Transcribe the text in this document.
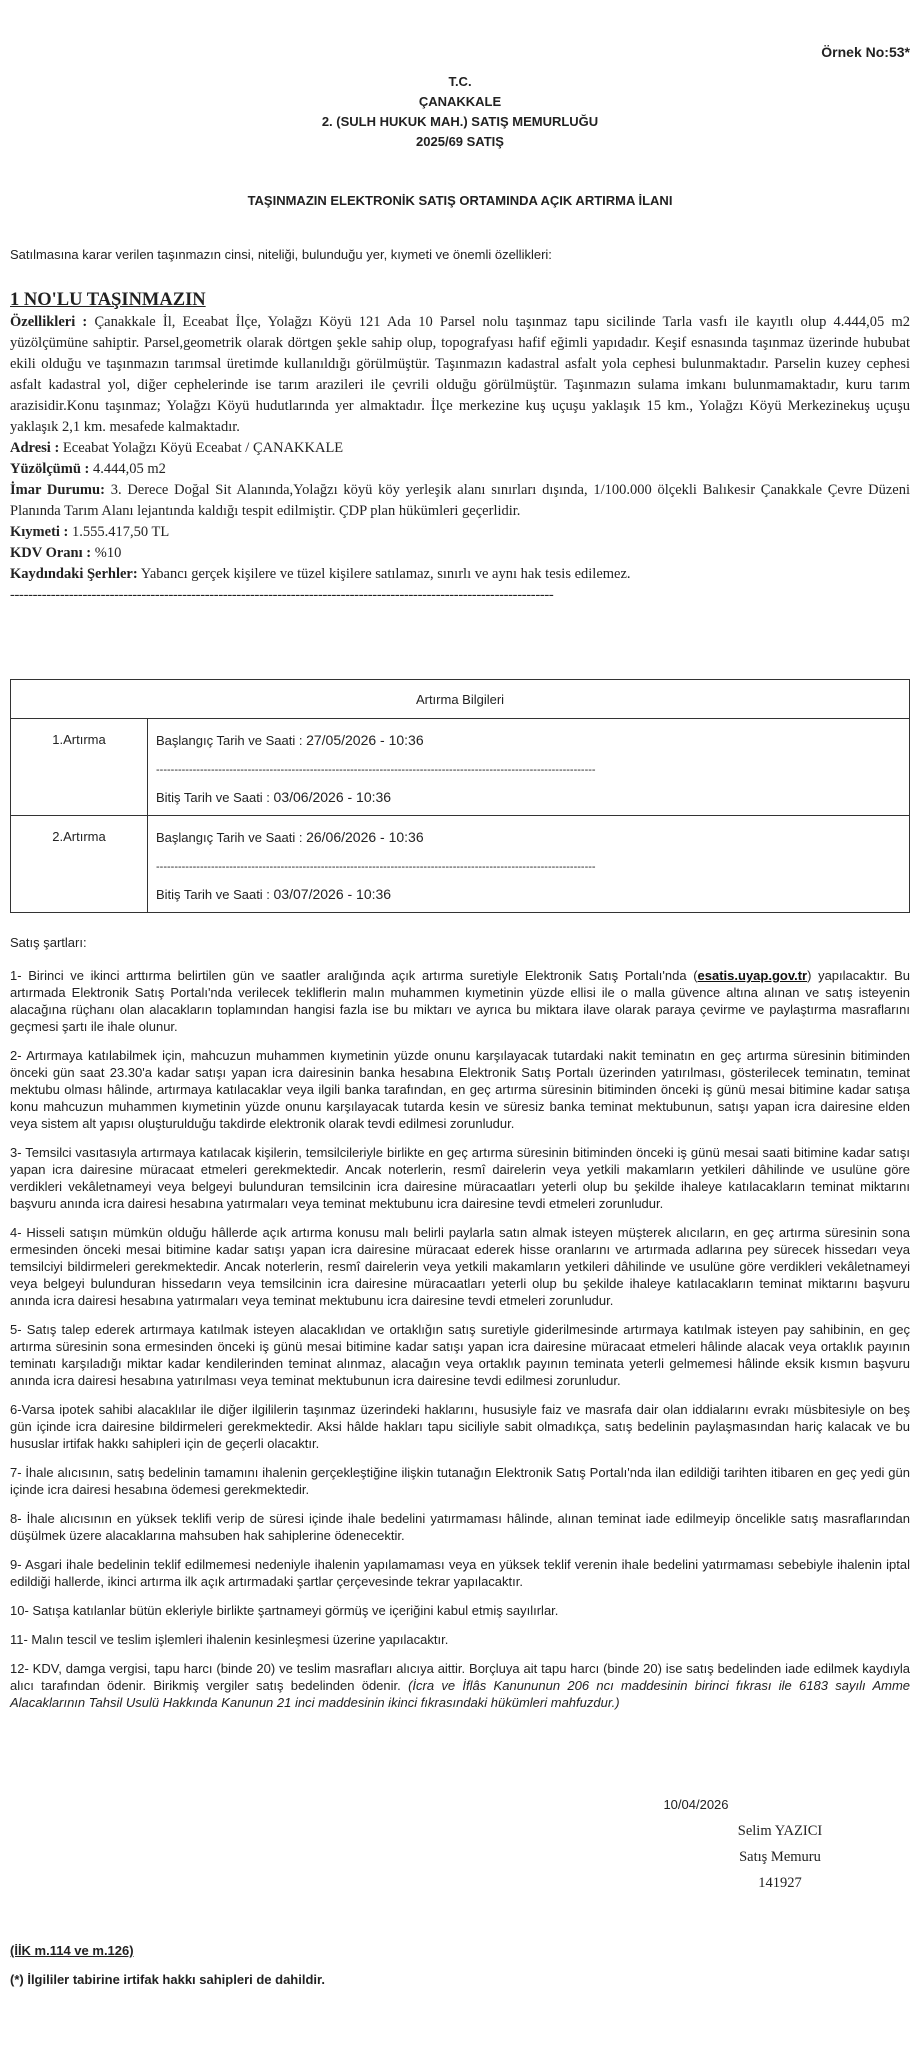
Örnek No:53*
T.C.
ÇANAKKALE
2. (SULH HUKUK MAH.) SATIŞ MEMURLUĞU
2025/69 SATIŞ
TAŞINMAZIN ELEKTRONİK SATIŞ ORTAMINDA AÇIK ARTIRMA İLANI
Satılmasına karar verilen taşınmazın cinsi, niteliği, bulunduğu yer, kıymeti ve önemli özellikleri:
1 NO'LU TAŞINMAZIN
Özellikleri : Çanakkale İl, Eceabat İlçe, Yolağzı Köyü 121 Ada 10 Parsel nolu taşınmaz tapu sicilinde Tarla vasfı ile kayıtlı olup 4.444,05 m2 yüzölçümüne sahiptir. Parsel,geometrik olarak dörtgen şekle sahip olup, topografyası hafif eğimli yapıdadır. Keşif esnasında taşınmaz üzerinde hububat ekili olduğu ve taşınmazın tarımsal üretimde kullanıldığı görülmüştür. Taşınmazın kadastral asfalt yola cephesi bulunmaktadır. Parselin kuzey cephesi asfalt kadastral yol, diğer cephelerinde ise tarım arazileri ile çevrili olduğu görülmüştür. Taşınmazın sulama imkanı bulunmamaktadır, kuru tarım arazisidir.Konu taşınmaz; Yolağzı Köyü hudutlarında yer almaktadır. İlçe merkezine kuş uçuşu yaklaşık 15 km., Yolağzı Köyü Merkezinekuş uçuşu yaklaşık 2,1 km. mesafede kalmaktadır.
Adresi : Eceabat Yolağzı Köyü Eceabat / ÇANAKKALE
Yüzölçümü : 4.444,05 m2
İmar Durumu: 3. Derece Doğal Sit Alanında,Yolağzı köyü köy yerleşik alanı sınırları dışında, 1/100.000 ölçekli Balıkesir Çanakkale Çevre Düzeni Planında Tarım Alanı lejantında kaldığı tespit edilmiştir. ÇDP plan hükümleri geçerlidir.
Kıymeti : 1.555.417,50 TL
KDV Oranı : %10
Kaydındaki Şerhler: Yabancı gerçek kişilere ve tüzel kişilere satılamaz, sınırlı ve aynı hak tesis edilemez.
------------------------------------------------------------------------------------------------------------------------
Artırma Bilgileri	
1.Artırma	Başlangıç Tarih ve Saati : 27/05/2026 - 10:36
------------------------------------------------------------------------------------------------------------------------
Bitiş Tarih ve Saati : 03/06/2026 - 10:36

2.Artırma	Başlangıç Tarih ve Saati : 26/06/2026 - 10:36
------------------------------------------------------------------------------------------------------------------------
Bitiş Tarih ve Saati : 03/07/2026 - 10:36
Satış şartları:

1- Birinci ve ikinci arttırma belirtilen gün ve saatler aralığında açık artırma suretiyle Elektronik Satış Portalı'nda (esatis.uyap.gov.tr) yapılacaktır. Bu artırmada Elektronik Satış Portalı'nda verilecek tekliflerin malın muhammen kıymetinin yüzde ellisi ile o malla güvence altına alınan ve satış isteyenin alacağına rüçhanı olan alacakların toplamından hangisi fazla ise bu miktarı ve ayrıca bu miktara ilave olarak paraya çevirme ve paylaştırma masraflarını geçmesi şartı ile ihale olunur.

2- Artırmaya katılabilmek için, mahcuzun muhammen kıymetinin yüzde onunu karşılayacak tutardaki nakit teminatın en geç artırma süresinin bitiminden önceki gün saat 23.30'a kadar satışı yapan icra dairesinin banka hesabına Elektronik Satış Portalı üzerinden yatırılması, gösterilecek teminatın, teminat mektubu olması hâlinde, artırmaya katılacaklar veya ilgili banka tarafından, en geç artırma süresinin bitiminden önceki iş günü mesai bitimine kadar satışa konu mahcuzun muhammen kıymetinin yüzde onunu karşılayacak tutarda kesin ve süresiz banka teminat mektubunun, satışı yapan icra dairesine elden veya sistem alt yapısı oluşturulduğu takdirde elektronik olarak tevdi edilmesi zorunludur.

3- Temsilci vasıtasıyla artırmaya katılacak kişilerin, temsilcileriyle birlikte en geç artırma süresinin bitiminden önceki iş günü mesai saati bitimine kadar satışı yapan icra dairesine müracaat etmeleri gerekmektedir. Ancak noterlerin, resmî dairelerin veya yetkili makamların yetkileri dâhilinde ve usulüne göre verdikleri vekâletnameyi veya belgeyi bulunduran temsilcinin icra dairesine müracaatları yeterli olup bu şekilde ihaleye katılacakların teminat miktarını başvuru anında icra dairesi hesabına yatırmaları veya teminat mektubunu icra dairesine tevdi etmeleri zorunludur.

4- Hisseli satışın mümkün olduğu hâllerde açık artırma konusu malı belirli paylarla satın almak isteyen müşterek alıcıların, en geç artırma süresinin sona ermesinden önceki mesai bitimine kadar satışı yapan icra dairesine müracaat ederek hisse oranlarını ve artırmada adlarına pey sürecek hissedarı veya temsilciyi bildirmeleri gerekmektedir. Ancak noterlerin, resmî dairelerin veya yetkili makamların yetkileri dâhilinde ve usulüne göre verdikleri vekâletnameyi veya belgeyi bulunduran hissedarın veya temsilcinin icra dairesine müracaatları yeterli olup bu şekilde ihaleye katılacakların teminat miktarını başvuru anında icra dairesi hesabına yatırmaları veya teminat mektubunu icra dairesine tevdi etmeleri zorunludur.

5- Satış talep ederek artırmaya katılmak isteyen alacaklıdan ve ortaklığın satış suretiyle giderilmesinde artırmaya katılmak isteyen pay sahibinin, en geç artırma süresinin sona ermesinden önceki iş günü mesai bitimine kadar satışı yapan icra dairesine müracaat etmeleri hâlinde alacak veya ortaklık payının teminatı karşıladığı miktar kadar kendilerinden teminat alınmaz, alacağın veya ortaklık payının teminata yeterli gelmemesi hâlinde eksik kısmın başvuru anında icra dairesi hesabına yatırılması veya teminat mektubunun icra dairesine tevdi edilmesi zorunludur.

6-Varsa ipotek sahibi alacaklılar ile diğer ilgililerin taşınmaz üzerindeki haklarını, hususiyle faiz ve masrafa dair olan iddialarını evrakı müsbitesiyle on beş gün içinde icra dairesine bildirmeleri gerekmektedir. Aksi hâlde hakları tapu siciliyle sabit olmadıkça, satış bedelinin paylaşmasından hariç kalacak ve bu hususlar irtifak hakkı sahipleri için de geçerli olacaktır.

7- İhale alıcısının, satış bedelinin tamamını ihalenin gerçekleştiğine ilişkin tutanağın Elektronik Satış Portalı'nda ilan edildiği tarihten itibaren en geç yedi gün içinde icra dairesi hesabına ödemesi gerekmektedir.

8- İhale alıcısının en yüksek teklifi verip de süresi içinde ihale bedelini yatırmaması hâlinde, alınan teminat iade edilmeyip öncelikle satış masraflarından düşülmek üzere alacaklarına mahsuben hak sahiplerine ödenecektir.

9- Asgari ihale bedelinin teklif edilmemesi nedeniyle ihalenin yapılamaması veya en yüksek teklif verenin ihale bedelini yatırmaması sebebiyle ihalenin iptal edildiği hallerde, ikinci artırma ilk açık artırmadaki şartlar çerçevesinde tekrar yapılacaktır.

10- Satışa katılanlar bütün ekleriyle birlikte şartnameyi görmüş ve içeriğini kabul etmiş sayılırlar.

11- Malın tescil ve teslim işlemleri ihalenin kesinleşmesi üzerine yapılacaktır.

12- KDV, damga vergisi, tapu harcı (binde 20) ve teslim masrafları alıcıya aittir. Borçluya ait tapu harcı (binde 20) ise satış bedelinden iade edilmek kaydıyla alıcı tarafından ödenir. Birikmiş vergiler satış bedelinden ödenir. (İcra ve İflâs Kanununun 206 ncı maddesinin birinci fıkrası ile 6183 sayılı Amme Alacaklarının Tahsil Usulü Hakkında Kanunun 21 inci maddesinin ikinci fıkrasındaki hükümleri mahfuzdur.)

10/04/2026
Selim YAZICI
Satış Memuru
141927
(İİK m.114 ve m.126)
(*) İlgililer tabirine irtifak hakkı sahipleri de dahildir.
